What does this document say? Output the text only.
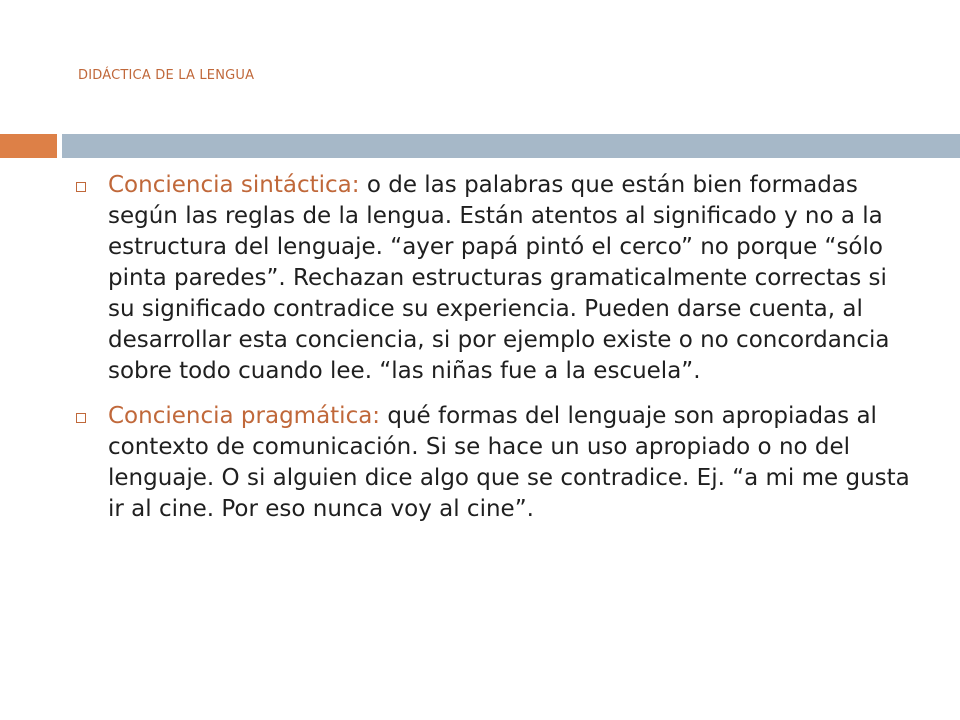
DIDÁCTICA DE LA LENGUA
Conciencia sintáctica: o de las palabras que están bien formadas según las reglas de la lengua. Están atentos al significado y no a la estructura del lenguaje. “ayer papá pintó el cerco” no porque “sólo pinta paredes”. Rechazan estructuras gramaticalmente correctas si su significado contradice su experiencia. Pueden darse cuenta, al desarrollar esta conciencia, si por ejemplo existe o no concordancia sobre todo cuando lee. “las niñas fue a la escuela”.
Conciencia pragmática: qué formas del lenguaje son apropiadas al contexto de comunicación. Si se hace un uso apropiado o no del lenguaje. O si alguien dice algo que se contradice. Ej. “a mi me gusta ir al cine. Por eso nunca voy al cine”.
